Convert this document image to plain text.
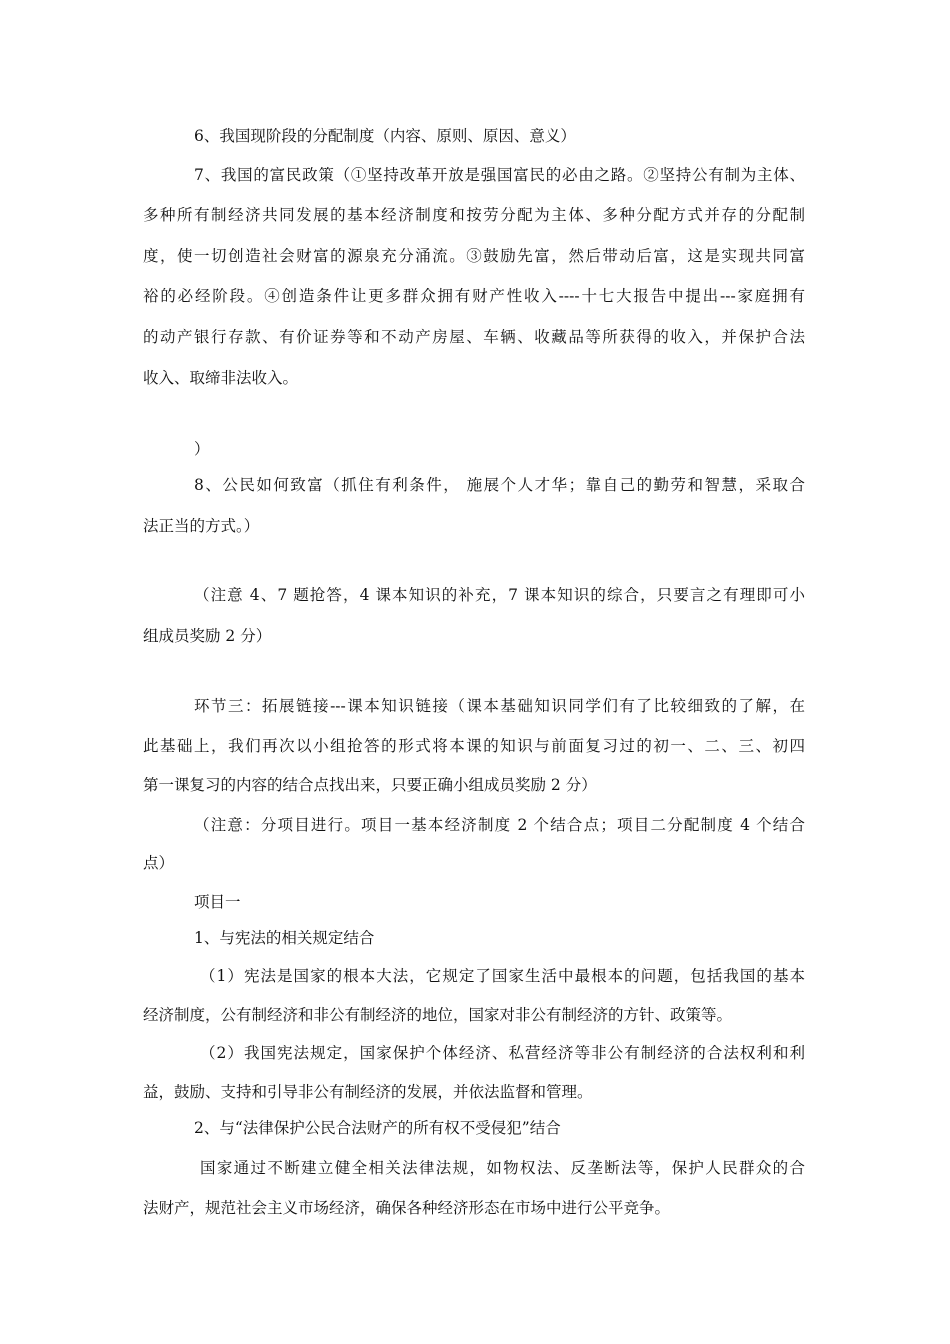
6、我国现阶段的分配制度（内容、原则、原因、意义）
7、我国的富民政策（①坚持改革开放是强国富民的必由之路。②坚持公有制为主体、
多种所有制经济共同发展的基本经济制度和按劳分配为主体、多种分配方式并存的分配制
度，使一切创造社会财富的源泉充分涌流。③鼓励先富，然后带动后富，这是实现共同富
裕的必经阶段。④创造条件让更多群众拥有财产性收入----十七大报告中提出---家庭拥有
的动产银行存款、有价证券等和不动产房屋、车辆、收藏品等所获得的收入，并保护合法
收入、取缔非法收入。
）
8、公民如何致富（抓住有利条件， 施展个人才华；靠自己的勤劳和智慧，采取合
法正当的方式。）
（注意 4、7 题抢答，4 课本知识的补充，7 课本知识的综合，只要言之有理即可小
组成员奖励 2 分）
环节三：拓展链接---课本知识链接（课本基础知识同学们有了比较细致的了解，在
此基础上，我们再次以小组抢答的形式将本课的知识与前面复习过的初一、二、三、初四
第一课复习的内容的结合点找出来，只要正确小组成员奖励 2 分）
（注意：分项目进行。项目一基本经济制度 2 个结合点；项目二分配制度 4 个结合
点）
项目一
1、与宪法的相关规定结合
（1）宪法是国家的根本大法，它规定了国家生活中最根本的问题，包括我国的基本
经济制度，公有制经济和非公有制经济的地位，国家对非公有制经济的方针、政策等。
（2）我国宪法规定，国家保护个体经济、私营经济等非公有制经济的合法权利和利
益，鼓励、支持和引导非公有制经济的发展，并依法监督和管理。
2、与“法律保护公民合法财产的所有权不受侵犯”结合
国家通过不断建立健全相关法律法规，如物权法、反垄断法等，保护人民群众的合
法财产，规范社会主义市场经济，确保各种经济形态在市场中进行公平竞争。
